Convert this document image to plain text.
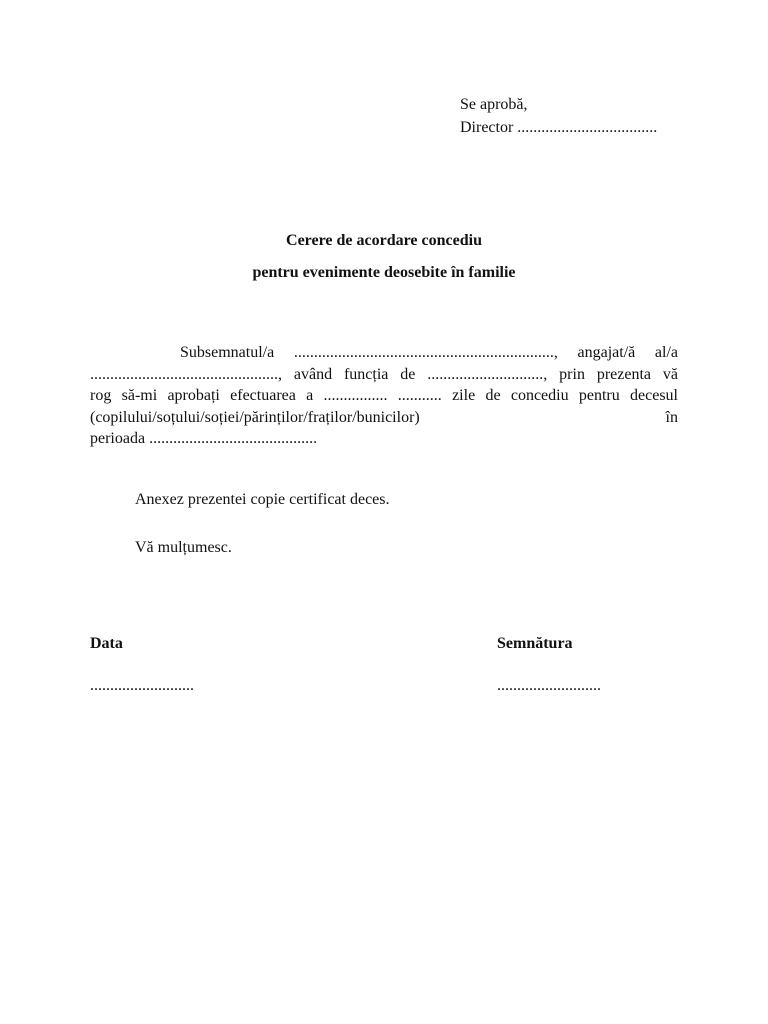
Se aprobă,
Director ...................................
Cerere de acordare concediu
pentru evenimente deosebite în familie
Subsemnatul/a ................................................................., angajat/ă al/a
..............................................., având funcția de ............................., prin prezenta vă
rog să-mi aprobați efectuarea a ................ ........... zile de concediu pentru decesul
(copilului/soțului/soției/părinților/fraților/bunicilor)	în
perioada ..........................................
Anexez prezentei copie certificat deces.
Vă mulțumesc.
Data
..........................
Semnătura
..........................
